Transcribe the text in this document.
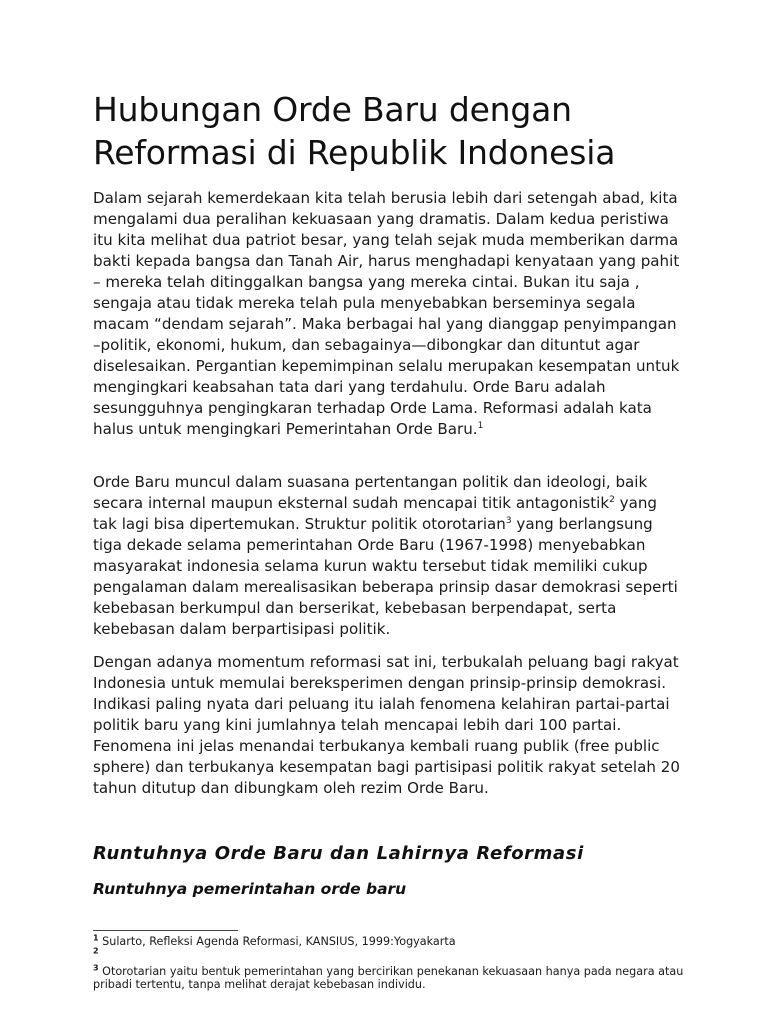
Hubungan Orde Baru dengan
Reformasi di Republik Indonesia

Dalam sejarah kemerdekaan kita telah berusia lebih dari setengah abad, kita mengalami dua peralihan kekuasaan yang dramatis. Dalam kedua peristiwa itu kita melihat dua patriot besar, yang telah sejak muda memberikan darma bakti kepada bangsa dan Tanah Air, harus menghadapi kenyataan yang pahit – mereka telah ditinggalkan bangsa yang mereka cintai. Bukan itu saja , sengaja atau tidak mereka telah pula menyebabkan berseminya segala macam “dendam sejarah”. Maka berbagai hal yang dianggap penyimpangan –politik, ekonomi, hukum, dan sebagainya—dibongkar dan dituntut agar diselesaikan. Pergantian kepemimpinan selalu merupakan kesempatan untuk mengingkari keabsahan tata dari yang terdahulu. Orde Baru adalah sesungguhnya pengingkaran terhadap Orde Lama. Reformasi adalah kata halus untuk mengingkari Pemerintahan Orde Baru.$^1$

Orde Baru muncul dalam suasana pertentangan politik dan ideologi, baik secara internal maupun eksternal sudah mencapai titik antagonistik$^2$ yang tak lagi bisa dipertemukan. Struktur politik otorotarian$^3$ yang berlangsung tiga dekade selama pemerintahan Orde Baru (1967-1998) menyebabkan masyarakat indonesia selama kurun waktu tersebut tidak memiliki cukup pengalaman dalam merealisasikan beberapa prinsip dasar demokrasi seperti kebebasan berkumpul dan berserikat, kebebasan berpendapat, serta kebebasan dalam berpartisipasi politik.

Dengan adanya momentum reformasi sat ini, terbukalah peluang bagi rakyat Indonesia untuk memulai bereksperimen dengan prinsip-prinsip demokrasi. Indikasi paling nyata dari peluang itu ialah fenomena kelahiran partai-partai politik baru yang kini jumlahnya telah mencapai lebih dari 100 partai. Fenomena ini jelas menandai terbukanya kembali ruang publik (free public sphere) dan terbukanya kesempatan bagi partisipasi politik rakyat setelah 20 tahun ditutup dan dibungkam oleh rezim Orde Baru.

Runtuhnya Orde Baru dan Lahirnya Reformasi
Runtuhnya pemerintahan orde baru

$^1$ Sularto, Refleksi Agenda Reformasi, KANSIUS, 1999:Yogyakarta

2

$^3$ Otorotarian yaitu bentuk pemerintahan yang bercirikan penekanan kekuasaan hanya pada negara atau pribadi tertentu, tanpa melihat derajat kebebasan individu.
